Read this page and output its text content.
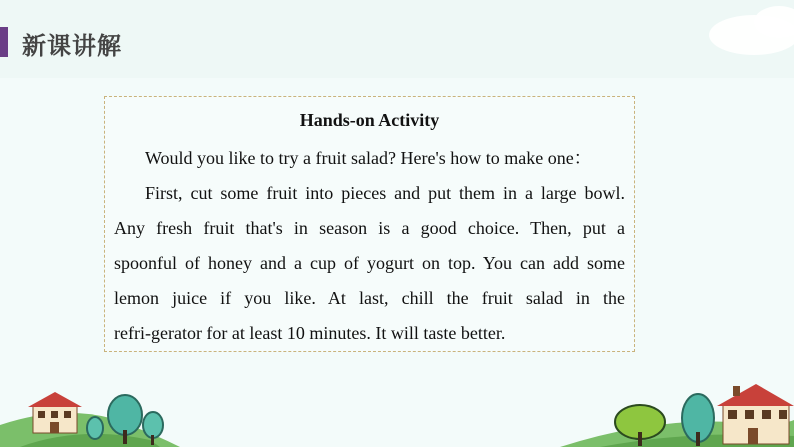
新课讲解
Hands-on Activity
Would you like to try a fruit salad? Here's how to make one：
First, cut some fruit into pieces and put them in a large bowl.
Any fresh fruit that's in season is a good choice. Then, put a
spoonful of honey and a cup of yogurt on top. You can add some
lemon juice if you like. At last, chill the fruit salad in the
refri-gerator for at least 10 minutes. It will taste better.
